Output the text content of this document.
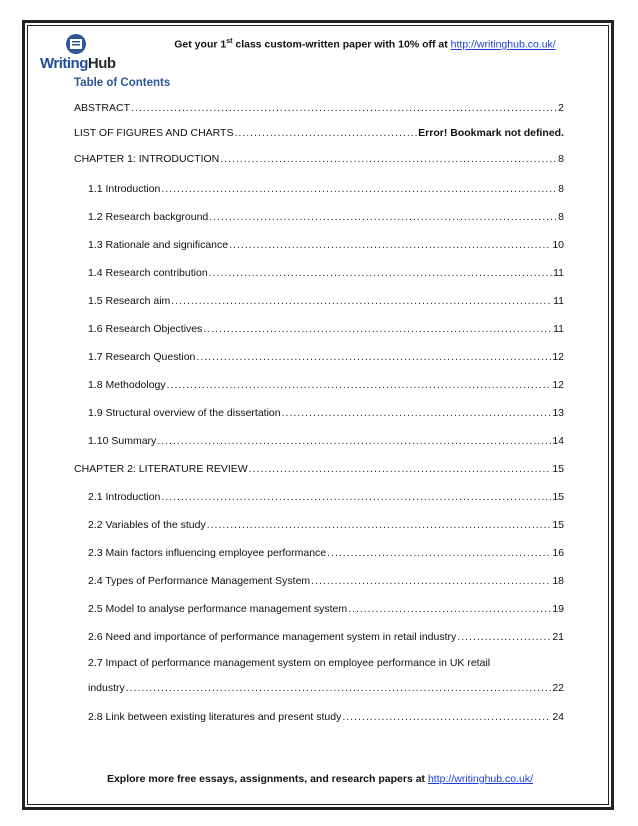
WritingHub
Get your 1st class custom-written paper with 10% off at http://writinghub.co.uk/
Table of Contents
ABSTRACT .....	2
LIST OF FIGURES AND CHARTS .....	Error! Bookmark not defined.
CHAPTER 1: INTRODUCTION .....	8
1.1 Introduction .....	8
1.2 Research background .....	8
1.3 Rationale and significance .....	10
1.4 Research contribution .....	11
1.5 Research aim .....	11
1.6 Research Objectives .....	11
1.7 Research Question .....	12
1.8 Methodology .....	12
1.9 Structural overview of the dissertation .....	13
1.10 Summary .....	14
CHAPTER 2: LITERATURE REVIEW .....	15
2.1 Introduction .....	15
2.2 Variables of the study .....	15
2.3 Main factors influencing employee performance .....	16
2.4 Types of Performance Management System .....	18
2.5 Model to analyse performance management system .....	19
2.6 Need and importance of performance management system in retail industry .....	21
2.7 Impact of performance management system on employee performance in UK retail
industry .....	22
2.8 Link between existing literatures and present study .....	24
Explore more free essays, assignments, and research papers at http://writinghub.co.uk/
